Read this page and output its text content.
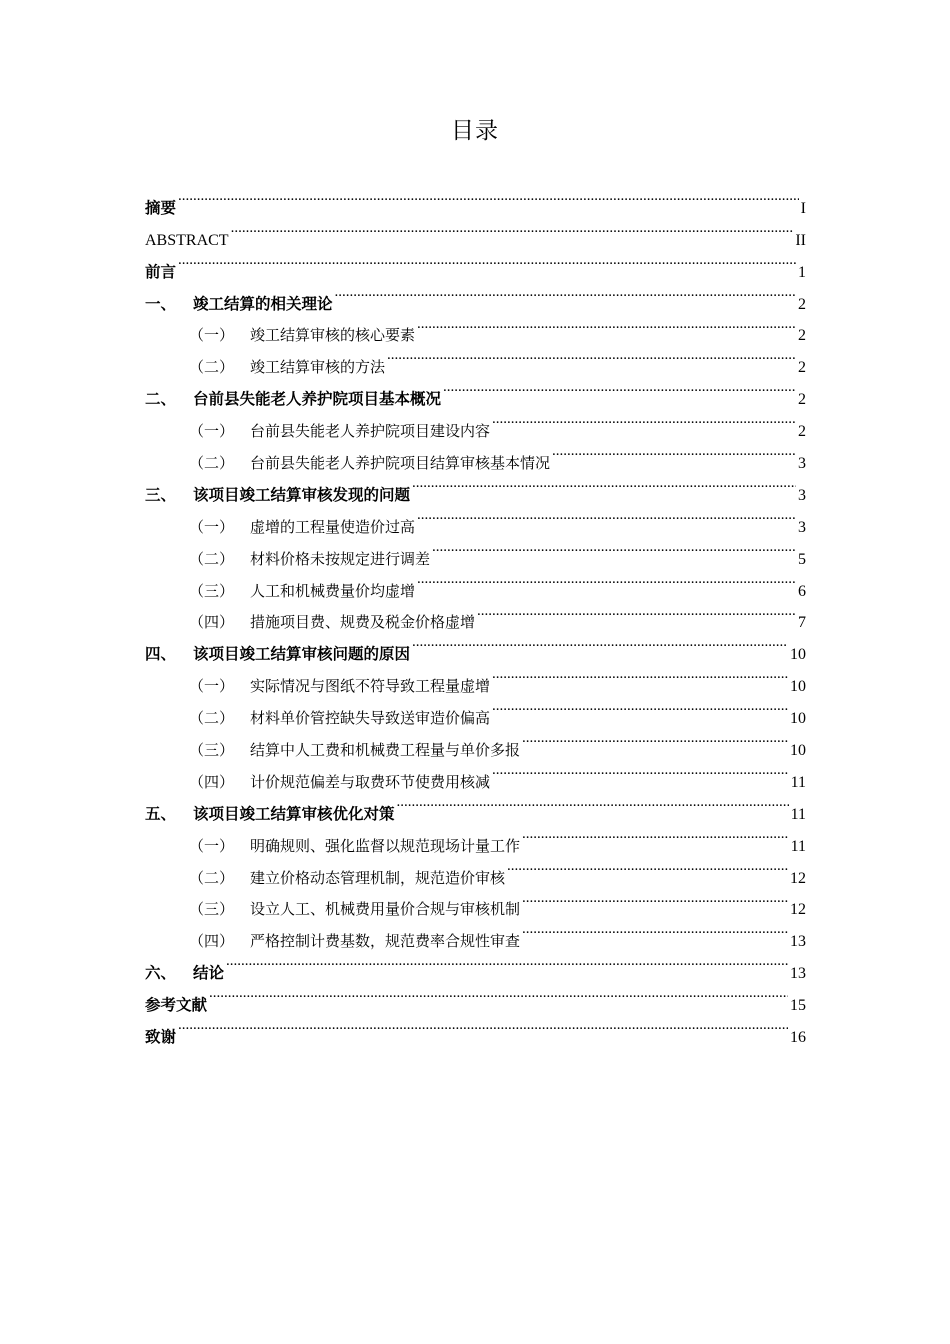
目录
摘要 .....	I
ABSTRACT .....	II
前言 .....	1
一、	竣工结算的相关理论 .....	2
（一）	竣工结算审核的核心要素 .....	2
（二）	竣工结算审核的方法 .....	2
二、	台前县失能老人养护院项目基本概况 .....	2
（一）	台前县失能老人养护院项目建设内容 .....	2
（二）	台前县失能老人养护院项目结算审核基本情况 .....	3
三、	该项目竣工结算审核发现的问题 .....	3
（一）	虚增的工程量使造价过高 .....	3
（二）	材料价格未按规定进行调差 .....	5
（三）	人工和机械费量价均虚增 .....	6
（四）	措施项目费、规费及税金价格虚增 .....	7
四、	该项目竣工结算审核问题的原因 .....	10
（一）	实际情况与图纸不符导致工程量虚增 .....	10
（二）	材料单价管控缺失导致送审造价偏高 .....	10
（三）	结算中人工费和机械费工程量与单价多报 .....	10
（四）	计价规范偏差与取费环节使费用核减 .....	11
五、	该项目竣工结算审核优化对策 .....	11
（一）	明确规则、强化监督以规范现场计量工作 .....	11
（二）	建立价格动态管理机制，规范造价审核 .....	12
（三）	设立人工、机械费用量价合规与审核机制 .....	12
（四）	严格控制计费基数，规范费率合规性审查 .....	13
六、	结论 .....	13
参考文献 .....	15
致谢 .....	16
